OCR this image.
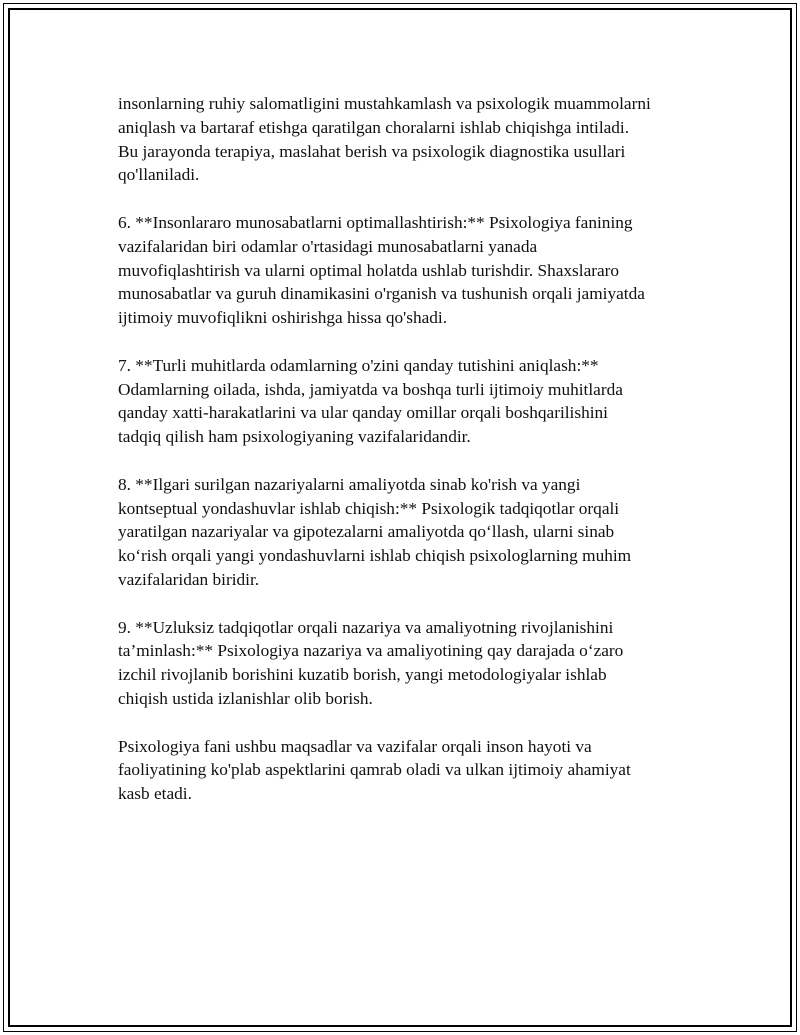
insonlarning ruhiy salomatligini mustahkamlash va psixologik muammolarni
aniqlash va bartaraf etishga qaratilgan choralarni ishlab chiqishga intiladi.
Bu jarayonda terapiya, maslahat berish va psixologik diagnostika usullari
qo'llaniladi.

6. **Insonlararo munosabatlarni optimallashtirish:** Psixologiya fanining
vazifalaridan biri odamlar o'rtasidagi munosabatlarni yanada
muvofiqlashtirish va ularni optimal holatda ushlab turishdir. Shaxslararo
munosabatlar va guruh dinamikasini o'rganish va tushunish orqali jamiyatda
ijtimoiy muvofiqlikni oshirishga hissa qo'shadi.

7. **Turli muhitlarda odamlarning o'zini qanday tutishini aniqlash:**
Odamlarning oilada, ishda, jamiyatda va boshqa turli ijtimoiy muhitlarda
qanday xatti-harakatlarini va ular qanday omillar orqali boshqarilishini
tadqiq qilish ham psixologiyaning vazifalaridandir.

8. **Ilgari surilgan nazariyalarni amaliyotda sinab ko'rish va yangi
kontseptual yondashuvlar ishlab chiqish:** Psixologik tadqiqotlar orqali
yaratilgan nazariyalar va gipotezalarni amaliyotda qo‘llash, ularni sinab
ko‘rish orqali yangi yondashuvlarni ishlab chiqish psixologlarning muhim
vazifalaridan biridir.

9. **Uzluksiz tadqiqotlar orqali nazariya va amaliyotning rivojlanishini
ta’minlash:** Psixologiya nazariya va amaliyotining qay darajada o‘zaro
izchil rivojlanib borishini kuzatib borish, yangi metodologiyalar ishlab
chiqish ustida izlanishlar olib borish.

Psixologiya fani ushbu maqsadlar va vazifalar orqali inson hayoti va
faoliyatining ko'plab aspektlarini qamrab oladi va ulkan ijtimoiy ahamiyat
kasb etadi.
